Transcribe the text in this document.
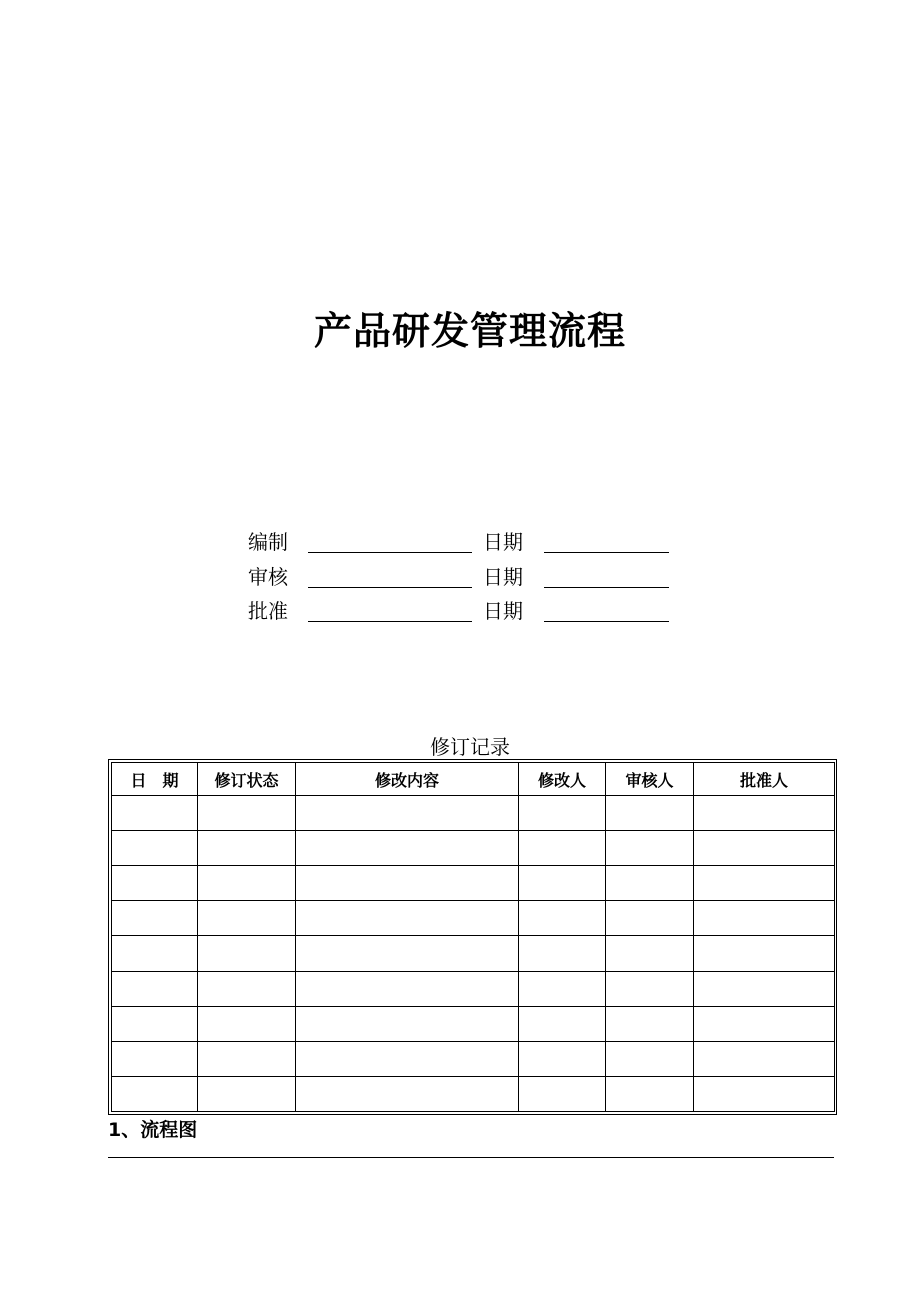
产品研发管理流程
编制	日期
审核	日期
批准	日期
修订记录
日　期	修订状态	修改内容	修改人	审核人	批准人

1、流程图
